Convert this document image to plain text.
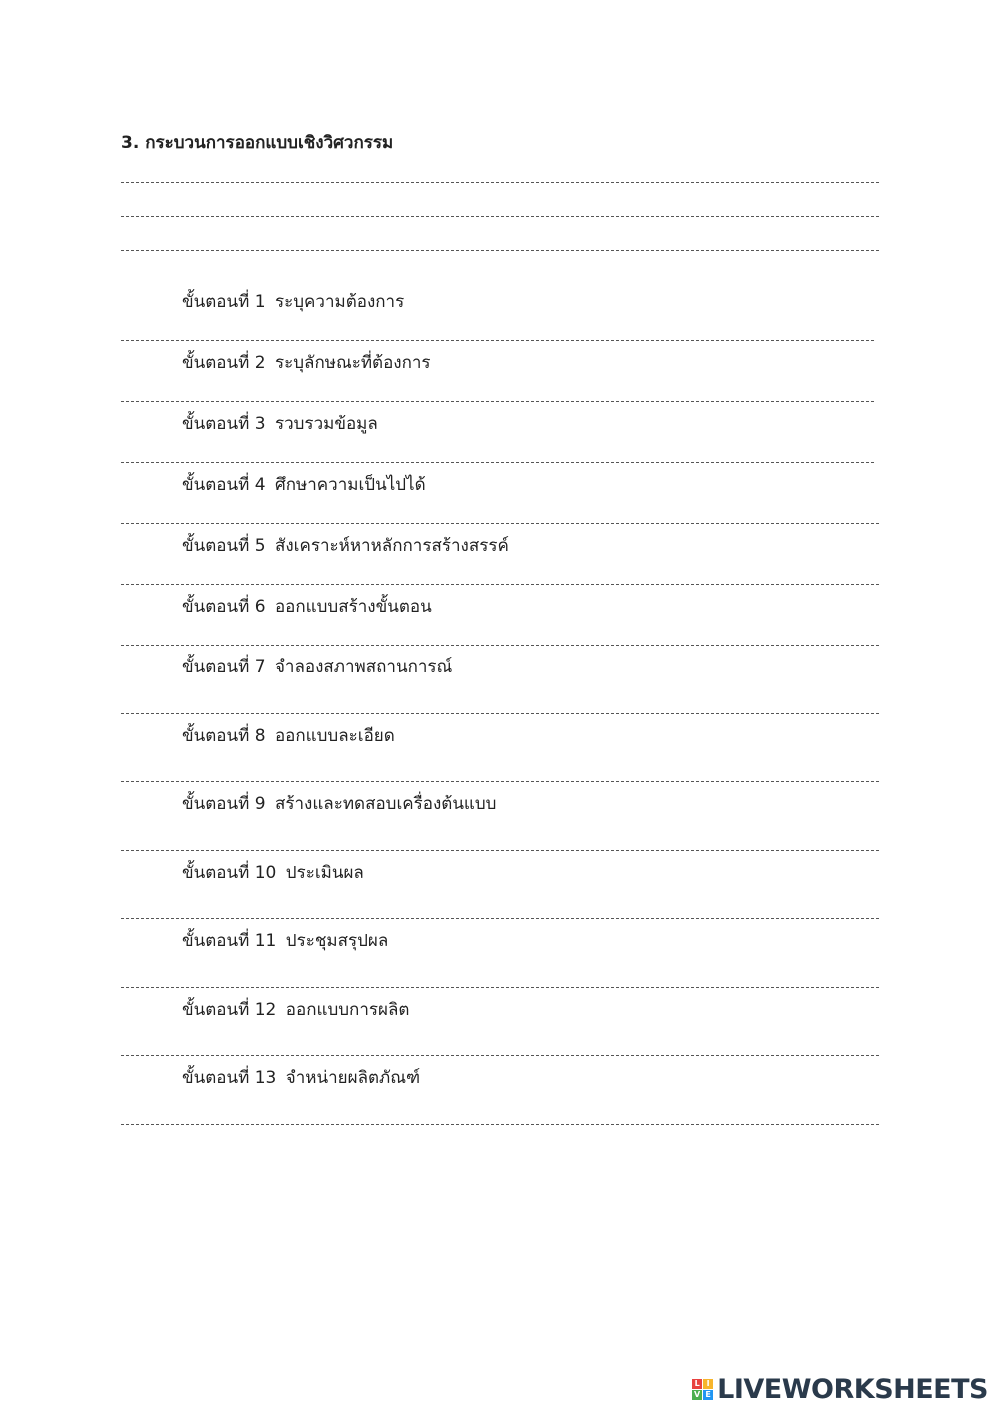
3. กระบวนการออกแบบเชิงวิศวกรรม
ขั้นตอนที่ 1 ระบุความต้องการ
ขั้นตอนที่ 2 ระบุลักษณะที่ต้องการ
ขั้นตอนที่ 3 รวบรวมข้อมูล
ขั้นตอนที่ 4 ศึกษาความเป็นไปได้
ขั้นตอนที่ 5 สังเคราะห์หาหลักการสร้างสรรค์
ขั้นตอนที่ 6 ออกแบบสร้างขั้นตอน
ขั้นตอนที่ 7 จำลองสภาพสถานการณ์
ขั้นตอนที่ 8 ออกแบบละเอียด
ขั้นตอนที่ 9 สร้างและทดสอบเครื่องต้นแบบ
ขั้นตอนที่ 10 ประเมินผล
ขั้นตอนที่ 11 ประชุมสรุปผล
ขั้นตอนที่ 12 ออกแบบการผลิต
ขั้นตอนที่ 13 จำหน่ายผลิตภัณฑ์
L I
V E LIVEWORKSHEETS
